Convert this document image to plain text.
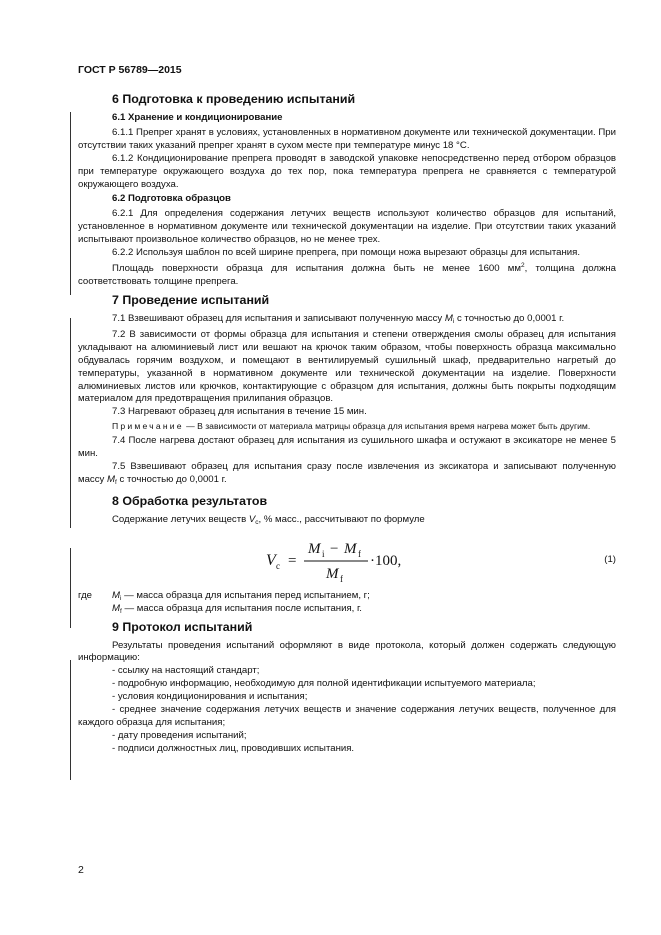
ГОСТ Р 56789—2015
6 Подготовка к проведению испытаний
6.1 Хранение и кондиционирование

6.1.1 Препрег хранят в условиях, установленных в нормативном документе или технической документации. При отсутствии таких указаний препрег хранят в сухом месте при температуре минус 18 °С.

6.1.2 Кондиционирование препрега проводят в заводской упаковке непосредственно перед отбором образцов при температуре окружающего воздуха до тех пор, пока температура препрега не сравняется с температурой окружающего воздуха.

6.2 Подготовка образцов

6.2.1 Для определения содержания летучих веществ используют количество образцов для испытаний, установленное в нормативном документе или технической документации на изделие. При отсутствии таких указаний испытывают произвольное количество образцов, но не менее трех.

6.2.2 Используя шаблон по всей ширине препрега, при помощи ножа вырезают образцы для испытания.

Площадь поверхности образца для испытания должна быть не менее 1600 $мм^2$, толщина должна соответствовать толщине препрега.

7 Проведение испытаний

7.1 Взвешивают образец для испытания и записывают полученную массу $M_i$ с точностью до 0,0001 г.

7.2 В зависимости от формы образца для испытания и степени отверждения смолы образец для испытания укладывают на алюминиевый лист или вешают на крючок таким образом, чтобы поверхность образца максимально обдувалась горячим воздухом, и помещают в вентилируемый сушильный шкаф, предварительно нагретый до температуры, указанной в нормативном документе или технической документации на изделие. Поверхности алюминиевых листов или крючков, контактирующие с образцом для испытания, должны быть покрыты подходящим материалом для предотвращения прилипания образцов.

7.3 Нагревают образец для испытания в течение 15 мин.

Примечание — В зависимости от материала матрицы образца для испытания время нагрева может быть другим.

7.4 После нагрева достают образец для испытания из сушильного шкафа и остужают в эксикаторе не менее 5 мин.

7.5 Взвешивают образец для испытания сразу после извлечения из эксикатора и записывают полученную массу $M_f$ с точностью до 0,0001 г.

8 Обработка результатов

Содержание летучих веществ $V_c$, % масс., рассчитывают по формуле

V c =
M i − M f
M f
·100,	(1)
где $M_i$ — масса образца для испытания перед испытанием, г;
$M_f$ — масса образца для испытания после испытания, г.
9 Протокол испытаний

Результаты проведения испытаний оформляют в виде протокола, который должен содержать следующую информацию:

- ссылку на настоящий стандарт;
- подробную информацию, необходимую для полной идентификации испытуемого материала;
- условия кондиционирования и испытания;

- среднее значение содержания летучих веществ и значение содержания летучих веществ, полученное для каждого образца для испытания;

- дату проведения испытаний;
- подписи должностных лиц, проводивших испытания.
2
